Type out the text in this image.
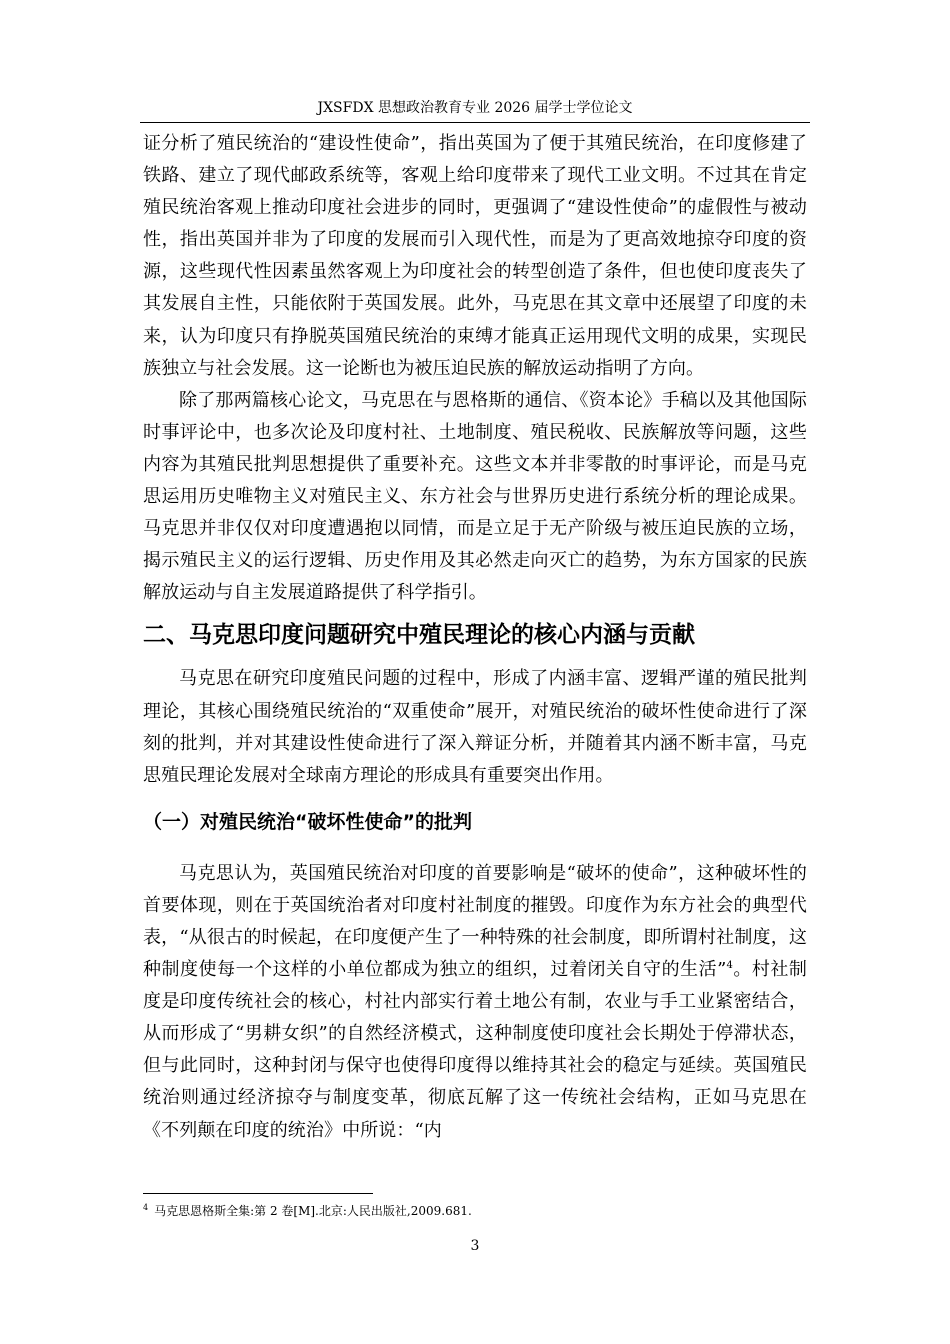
JXSFDX 思想政治教育专业 2026 届学士学位论文

证分析了殖民统治的“建设性使命”，指出英国为了便于其殖民统治，在印度修建了铁路、建立了现代邮政系统等，客观上给印度带来了现代工业文明。不过其在肯定殖民统治客观上推动印度社会进步的同时，更强调了“建设性使命”的虚假性与被动性，指出英国并非为了印度的发展而引入现代性，而是为了更高效地掠夺印度的资源，这些现代性因素虽然客观上为印度社会的转型创造了条件，但也使印度丧失了其发展自主性，只能依附于英国发展。此外，马克思在其文章中还展望了印度的未来，认为印度只有挣脱英国殖民统治的束缚才能真正运用现代文明的成果，实现民族独立与社会发展。这一论断也为被压迫民族的解放运动指明了方向。

除了那两篇核心论文，马克思在与恩格斯的通信、《资本论》手稿以及其他国际时事评论中，也多次论及印度村社、土地制度、殖民税收、民族解放等问题，这些内容为其殖民批判思想提供了重要补充。这些文本并非零散的时事评论，而是马克思运用历史唯物主义对殖民主义、东方社会与世界历史进行系统分析的理论成果。马克思并非仅仅对印度遭遇抱以同情，而是立足于无产阶级与被压迫民族的立场，揭示殖民主义的运行逻辑、历史作用及其必然走向灭亡的趋势，为东方国家的民族解放运动与自主发展道路提供了科学指引。

二、马克思印度问题研究中殖民理论的核心内涵与贡献

马克思在研究印度殖民问题的过程中，形成了内涵丰富、逻辑严谨的殖民批判理论，其核心围绕殖民统治的“双重使命”展开，对殖民统治的破坏性使命进行了深刻的批判，并对其建设性使命进行了深入辩证分析，并随着其内涵不断丰富，马克思殖民理论发展对全球南方理论的形成具有重要突出作用。

（一）对殖民统治“破坏性使命”的批判

马克思认为，英国殖民统治对印度的首要影响是“破坏的使命”，这种破坏性的首要体现，则在于英国统治者对印度村社制度的摧毁。印度作为东方社会的典型代表，“从很古的时候起，在印度便产生了一种特殊的社会制度，即所谓村社制度，这种制度使每一个这样的小单位都成为独立的组织，过着闭关自守的生活”$^4$。村社制度是印度传统社会的核心，村社内部实行着土地公有制，农业与手工业紧密结合，从而形成了“男耕女织”的自然经济模式，这种制度使印度社会长期处于停滞状态，但与此同时，这种封闭与保守也使得印度得以维持其社会的稳定与延续。英国殖民统治则通过经济掠夺与制度变革，彻底瓦解了这一传统社会结构，正如马克思在《不列颠在印度的统治》中所说：“内

$^4$ 马克思恩格斯全集:第 2 卷[M].北京:人民出版社,2009.681.
3
